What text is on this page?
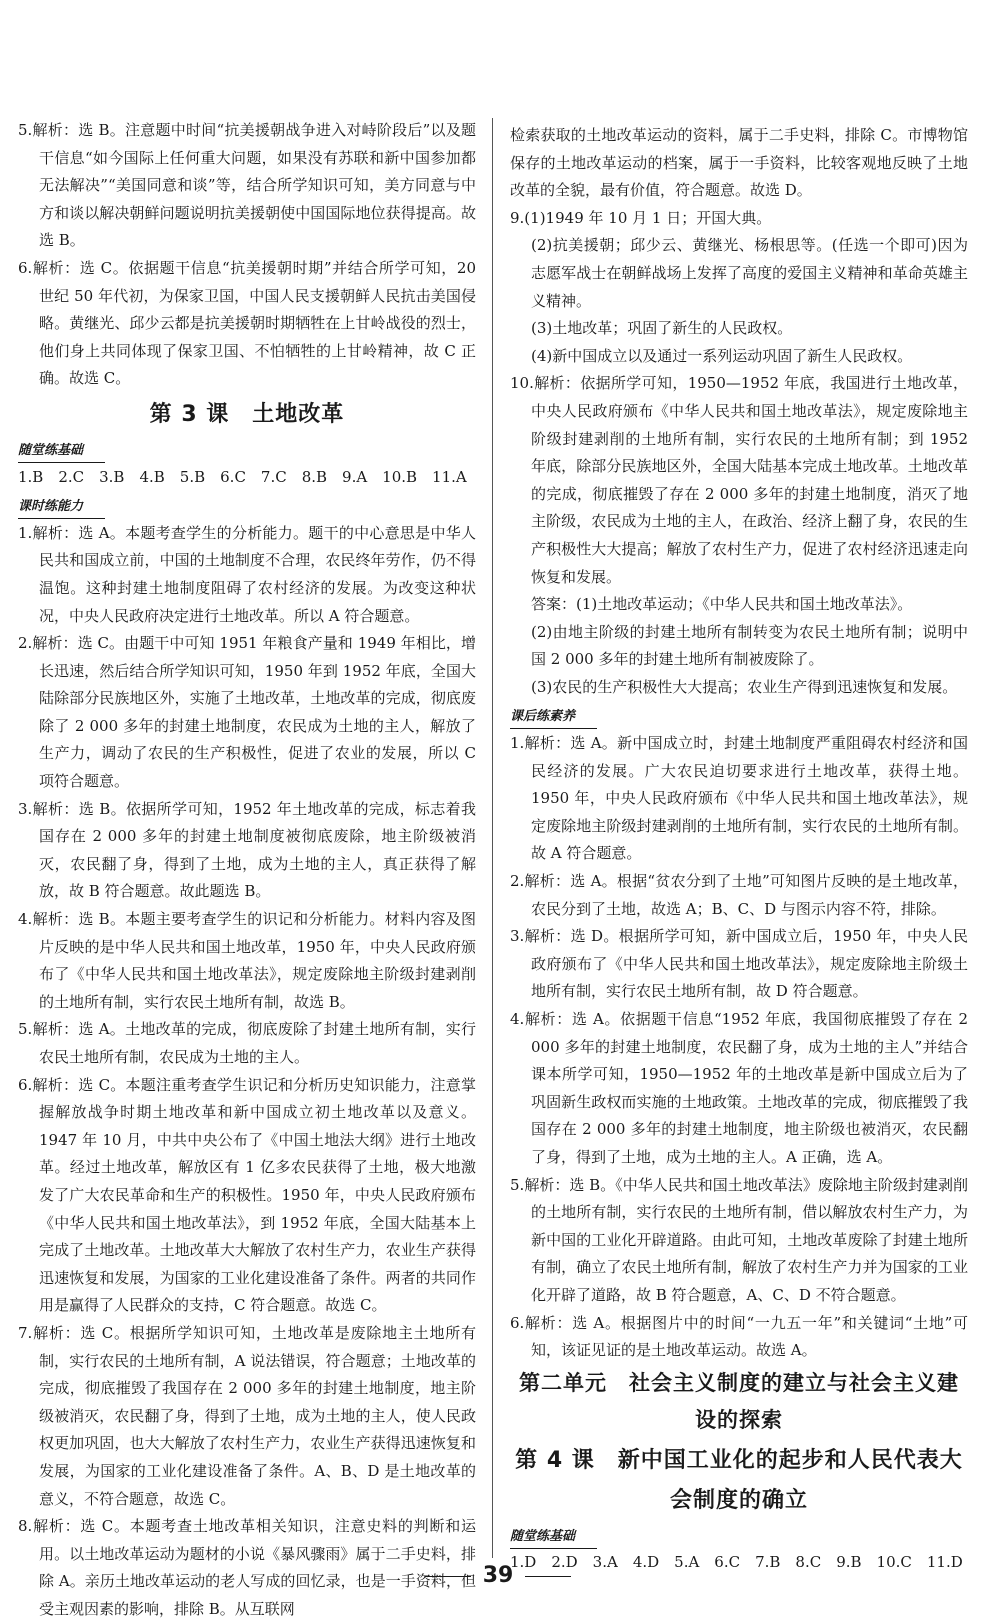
5.解析：选 B。注意题中时间“抗美援朝战争进入对峙阶段后”以及题干信息“如今国际上任何重大问题，如果没有苏联和新中国参加都无法解决”“美国同意和谈”等，结合所学知识可知，美方同意与中方和谈以解决朝鲜问题说明抗美援朝使中国国际地位获得提高。故选 B。

6.解析：选 C。依据题干信息“抗美援朝时期”并结合所学可知，20 世纪 50 年代初，为保家卫国，中国人民支援朝鲜人民抗击美国侵略。黄继光、邱少云都是抗美援朝时期牺牲在上甘岭战役的烈士，他们身上共同体现了保家卫国、不怕牺牲的上甘岭精神，故 C 正确。故选 C。

第 3 课　土地改革
随堂练基础

1.B　2.C　3.B　4.B　5.B　6.C　7.C　8.B　9.A　10.B　11.A

课时练能力

1.解析：选 A。本题考查学生的分析能力。题干的中心意思是中华人民共和国成立前，中国的土地制度不合理，农民终年劳作，仍不得温饱。这种封建土地制度阻碍了农村经济的发展。为改变这种状况，中央人民政府决定进行土地改革。所以 A 符合题意。

2.解析：选 C。由题干中可知 1951 年粮食产量和 1949 年相比，增长迅速，然后结合所学知识可知，1950 年到 1952 年底，全国大陆除部分民族地区外，实施了土地改革，土地改革的完成，彻底废除了 2 000 多年的封建土地制度，农民成为土地的主人，解放了生产力，调动了农民的生产积极性，促进了农业的发展，所以 C 项符合题意。

3.解析：选 B。依据所学可知，1952 年土地改革的完成，标志着我国存在 2 000 多年的封建土地制度被彻底废除，地主阶级被消灭，农民翻了身，得到了土地，成为土地的主人，真正获得了解放，故 B 符合题意。故此题选 B。

4.解析：选 B。本题主要考查学生的识记和分析能力。材料内容及图片反映的是中华人民共和国土地改革，1950 年，中央人民政府颁布了《中华人民共和国土地改革法》，规定废除地主阶级封建剥削的土地所有制，实行农民土地所有制，故选 B。

5.解析：选 A。土地改革的完成，彻底废除了封建土地所有制，实行农民土地所有制，农民成为土地的主人。

6.解析：选 C。本题注重考查学生识记和分析历史知识能力，注意掌握解放战争时期土地改革和新中国成立初土地改革以及意义。1947 年 10 月，中共中央公布了《中国土地法大纲》进行土地改革。经过土地改革，解放区有 1 亿多农民获得了土地，极大地激发了广大农民革命和生产的积极性。1950 年，中央人民政府颁布《中华人民共和国土地改革法》，到 1952 年底，全国大陆基本上完成了土地改革。土地改革大大解放了农村生产力，农业生产获得迅速恢复和发展，为国家的工业化建设准备了条件。两者的共同作用是赢得了人民群众的支持，C 符合题意。故选 C。

7.解析：选 C。根据所学知识可知，土地改革是废除地主土地所有制，实行农民的土地所有制，A 说法错误，符合题意；土地改革的完成，彻底摧毁了我国存在 2 000 多年的封建土地制度，地主阶级被消灭，农民翻了身，得到了土地，成为土地的主人，使人民政权更加巩固，也大大解放了农村生产力，农业生产获得迅速恢复和发展，为国家的工业化建设准备了条件。A、B、D 是土地改革的意义，不符合题意，故选 C。

8.解析：选 C。本题考查土地改革相关知识，注意史料的判断和运用。以土地改革运动为题材的小说《暴风骤雨》属于二手史料，排除 A。亲历土地改革运动的老人写成的回忆录，也是一手资料，但受主观因素的影响，排除 B。从互联网

检索获取的土地改革运动的资料，属于二手史料，排除 C。市博物馆保存的土地改革运动的档案，属于一手资料，比较客观地反映了土地改革的全貌，最有价值，符合题意。故选 D。

9.(1)1949 年 10 月 1 日；开国大典。

(2)抗美援朝；邱少云、黄继光、杨根思等。(任选一个即可)因为志愿军战士在朝鲜战场上发挥了高度的爱国主义精神和革命英雄主义精神。

(3)土地改革；巩固了新生的人民政权。

(4)新中国成立以及通过一系列运动巩固了新生人民政权。

10.解析：依据所学可知，1950—1952 年底，我国进行土地改革，中央人民政府颁布《中华人民共和国土地改革法》，规定废除地主阶级封建剥削的土地所有制，实行农民的土地所有制；到 1952 年底，除部分民族地区外，全国大陆基本完成土地改革。土地改革的完成，彻底摧毁了存在 2 000 多年的封建土地制度，消灭了地主阶级，农民成为土地的主人，在政治、经济上翻了身，农民的生产积极性大大提高；解放了农村生产力，促进了农村经济迅速走向恢复和发展。

答案：(1)土地改革运动；《中华人民共和国土地改革法》。

(2)由地主阶级的封建土地所有制转变为农民土地所有制；说明中国 2 000 多年的封建土地所有制被废除了。

(3)农民的生产积极性大大提高；农业生产得到迅速恢复和发展。

课后练素养

1.解析：选 A。新中国成立时，封建土地制度严重阻碍农村经济和国民经济的发展。广大农民迫切要求进行土地改革，获得土地。1950 年，中央人民政府颁布《中华人民共和国土地改革法》，规定废除地主阶级封建剥削的土地所有制，实行农民的土地所有制。故 A 符合题意。

2.解析：选 A。根据“贫农分到了土地”可知图片反映的是土地改革，农民分到了土地，故选 A；B、C、D 与图示内容不符，排除。

3.解析：选 D。根据所学可知，新中国成立后，1950 年，中央人民政府颁布了《中华人民共和国土地改革法》，规定废除地主阶级土地所有制，实行农民土地所有制，故 D 符合题意。

4.解析：选 A。依据题干信息“1952 年底，我国彻底摧毁了存在 2 000 多年的封建土地制度，农民翻了身，成为土地的主人”并结合课本所学可知，1950—1952 年的土地改革是新中国成立后为了巩固新生政权而实施的土地政策。土地改革的完成，彻底摧毁了我国存在 2 000 多年的封建土地制度，地主阶级也被消灭，农民翻了身，得到了土地，成为土地的主人。A 正确，选 A。

5.解析：选 B。《中华人民共和国土地改革法》废除地主阶级封建剥削的土地所有制，实行农民的土地所有制，借以解放农村生产力，为新中国的工业化开辟道路。由此可知，土地改革废除了封建土地所有制，确立了农民土地所有制，解放了农村生产力并为国家的工业化开辟了道路，故 B 符合题意，A、C、D 不符合题意。

6.解析：选 A。根据图片中的时间“一九五一年”和关键词“土地”可知，该证见证的是土地改革运动。故选 A。

第二单元　社会主义制度的建立与社会主义建设的探索
第 4 课　新中国工业化的起步和人民代表大会制度的确立
随堂练基础

1.D　2.D　3.A　4.D　5.A　6.C　7.B　8.C　9.B　10.C　11.D

39
